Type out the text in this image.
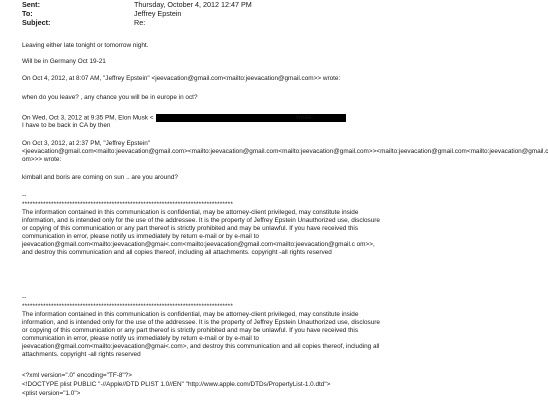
Sent:	Thursday, October 4, 2012 12:47 PM
To:	Jeffrey Epstein
Subject:	Re:
Leaving either late tonight or tomorrow night.
Will be in Germany Oct 19-21
On Oct 4, 2012, at 8:07 AM, "Jeffrey Epstein" <jeevacation@gmail.com<mailto:jeevacation@gmail.com>> wrote:
when do you leave? , any chance you will be in europe in oct?
On Wed, Oct 3, 2012 at 9:35 PM, Elon Musk <	wrote:
I have to be back in CA by then
On Oct 3, 2012, at 2:37 PM, "Jeffrey Epstein"
<jeevacation@gmail.com<mailto:jeevacation@gmail.com><mailto:jeevacation@gmail.com<mailto:jeevacation@gmail.com>><mailto:jeevacation@gmail.com<mailto:jeevacation@gmail.c
om>>> wrote:
kimball and boris are coming on sun .. are you around?
--
********************************************************************************
The information contained in this communication is confidential, may be attorney-client privileged, may constitute inside information, and is intended only for the use of the addressee. It is the property of Jeffrey Epstein Unauthorized use, disclosure or copying of this communication or any part thereof is strictly prohibited and may be unlawful. If you have received this communication in error, please notify us immediately by return e-mail or by e-mail to jeevacation@gmail.com<mailto:jeevacation@gmai<.com<mailto:jeevacation@gmail.com<mailto:jeevacation@gmail.c om>>, and destroy this communication and all copies thereof, including all attachments. copyright -all rights reserved
--
********************************************************************************
The information contained in this communication is confidential, may be attorney-client privileged, may constitute inside information, and is intended only for the use of the addressee. It is the property of Jeffrey Epstein Unauthorized use, disclosure or copying of this communication or any part thereof is strictly prohibited and may be unlawful. If you have received this communication in error, please notify us immediately by return e-mail or by e-mail to jeevacation@gmail.com<mailto:jeevacation@gmai<.com>, and destroy this communication and all copies thereof, including all attachments. copyright -all rights reserved
<?xml version=".0" encoding="TF-8"?>
<!DOCTYPE plist PUBLIC "-//Apple//DTD PLIST 1.0//EN" "http://www.apple.com/DTDs/PropertyList-1.0.dtd">
<plist version="1.0">
